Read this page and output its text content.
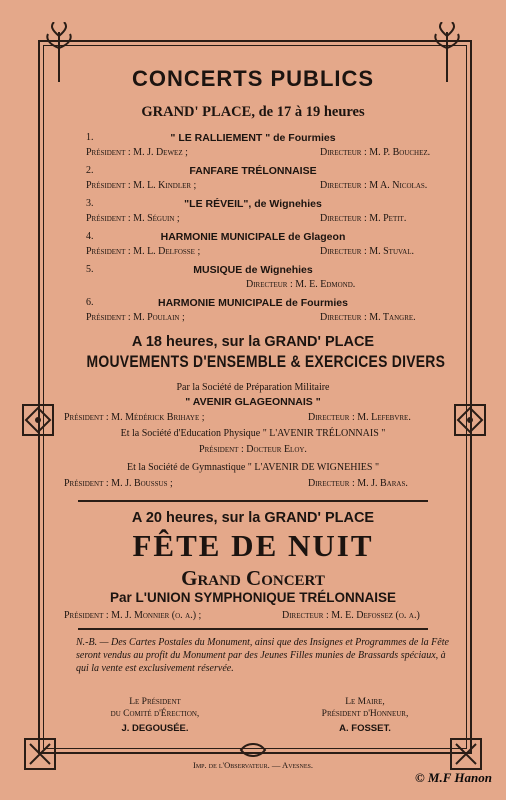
CONCERTS PUBLICS
GRAND' PLACE, de 17 à 19 heures
1.	" LE RALLIEMENT " de Fourmies
Président : M. J. Dewez ;	Directeur : M. P. Bouchez.
2.	FANFARE TRÉLONNAISE
Président : M. L. Kindler ;	Directeur : M A. Nicolas.
3.	"LE RÉVEIL", de Wignehies
Président : M. Séguin ;	Directeur : M. Petit.
4.	HARMONIE MUNICIPALE de Glageon
Président : M. L. Delfosse ;	Directeur : M. Stuval.
5.	MUSIQUE de Wignehies
Directeur : M. E. Edmond.
6.	HARMONIE MUNICIPALE de Fourmies
Président : M. Poulain ;	Directeur : M. Tangre.
A 18 heures, sur la GRAND' PLACE
MOUVEMENTS D'ENSEMBLE & EXERCICES DIVERS
Par la Société de Préparation Militaire
" AVENIR GLAGEONNAIS "
Président : M. Médérick Brihaye ;	Directeur : M. Lefebvre.
Et la Société d'Education Physique " L'AVENIR TRÉLONNAIS "
Président : Docteur Eloy.
Et la Société de Gymnastique " L'AVENIR DE WIGNEHIES "
Président : M. J. Boussus ;	Directeur : M. J. Baras.
A 20 heures, sur la GRAND' PLACE
FÊTE DE NUIT
Grand Concert
Par L'UNION SYMPHONIQUE TRÉLONNAISE
Président : M. J. Monnier (o. a.) ;	Directeur : M. E. Defossez (o. a.)
N.-B. — Des Cartes Postales du Monument, ainsi que des Insignes et Programmes de la Fête seront vendus au profit du Monument par des Jeunes Filles munies de Brassards spéciaux, à qui la vente est exclusivement réservée.
Le Président
du Comité d'Érection,
J. DEGOUSÉE.
Le Maire,
Président d'Honneur,
A. FOSSET.
Imp. de l'Observateur. — Avesnes.
© M.F Hanon
